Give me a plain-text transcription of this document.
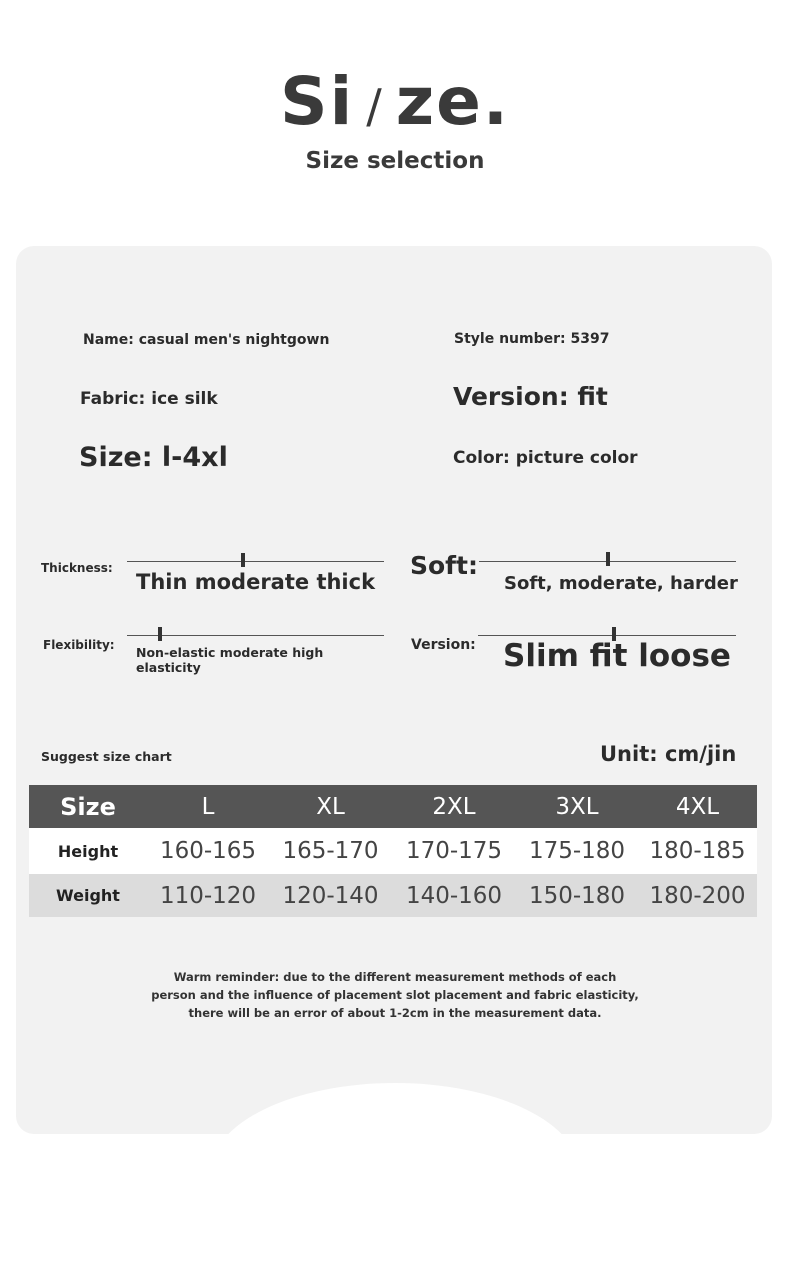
Si / ze.
Size selection
Name: casual men's nightgown	Style number: 5397
Fabric: ice silk	Version: fit
Size: l-4xl	Color: picture color
Thickness:
Thin moderate thick
Soft:
Soft, moderate, harder
Flexibility: Non-elastic moderate high
elasticity
Version: Slim fit loose
Suggest size chart	Unit: cm/jin
Size	L	XL	2XL	3XL	4XL
Height	160-165	165-170	170-175	175-180	180-185
Weight	110-120	120-140	140-160	150-180	180-200
Warm reminder: due to the different measurement methods of each
person and the influence of placement slot placement and fabric elasticity,
there will be an error of about 1-2cm in the measurement data.
